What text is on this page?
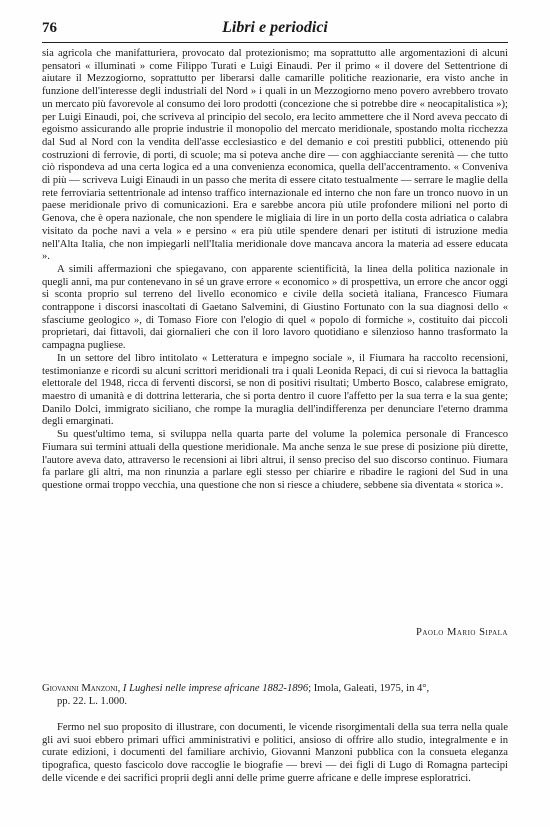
76	Libri e periodici

sia agricola che manifatturiera, provocato dal protezionismo; ma soprattutto alle argomentazioni di alcuni pensatori « illuminati » come Filippo Turati e Luigi Einaudi. Per il primo « il dovere del Settentrione di aiutare il Mezzogiorno, soprattutto per liberarsi dalle camarille politiche reazionarie, era visto anche in funzione dell'interesse degli industriali del Nord » i quali in un Mezzogiorno meno povero avrebbero trovato un mercato più favorevole al consumo dei loro prodotti (concezione che si potrebbe dire « neocapitalistica »); per Luigi Einaudi, poi, che scriveva al principio del secolo, era lecito ammettere che il Nord aveva peccato di egoismo assicurando alle proprie industrie il monopolio del mercato meridionale, spostando molta ricchezza dal Sud al Nord con la vendita dell'asse ecclesiastico e del demanio e coi prestiti pubblici, ottenendo più costruzioni di ferrovie, di porti, di scuole; ma si poteva anche dire — con agghiacciante serenità — che tutto ciò rispondeva ad una certa logica ed a una convenienza economica, quella dell'accentramento. « Conveniva di più — scriveva Luigi Einaudi in un passo che merita di essere citato testualmente — serrare le maglie della rete ferroviaria settentrionale ad intenso traffico internazionale ed interno che non fare un tronco nuovo in un paese meridionale privo di comunicazioni. Era e sarebbe ancora più utile profondere milioni nel porto di Genova, che è opera nazionale, che non spendere le migliaia di lire in un porto della costa adriatica o calabra visitato da poche navi a vela » e persino « era più utile spendere denari per istituti di istruzione media nell'Alta Italia, che non impiegarli nell'Italia meridionale dove mancava ancora la materia ad essere educata ».

A simili affermazioni che spiegavano, con apparente scientificità, la linea della politica nazionale in quegli anni, ma pur contenevano in sé un grave errore « economico » di prospettiva, un errore che ancor oggi si sconta proprio sul terreno del livello economico e civile della società italiana, Francesco Fiumara contrappone i discorsi inascoltati di Gaetano Salvemini, di Giustino Fortunato con la sua diagnosi dello « sfasciume geologico », di Tomaso Fiore con l'elogio di quel « popolo di formiche », costituito dai piccoli proprietari, dai fittavoli, dai giornalieri che con il loro lavoro quotidiano e silenzioso hanno trasformato la campagna pugliese.

In un settore del libro intitolato « Letteratura e impegno sociale », il Fiumara ha raccolto recensioni, testimonianze e ricordi su alcuni scrittori meridionali tra i quali Leonida Repaci, di cui si rievoca la battaglia elettorale del 1948, ricca di ferventi discorsi, se non di positivi risultati; Umberto Bosco, calabrese emigrato, maestro di umanità e di dottrina letteraria, che si porta dentro il cuore l'affetto per la sua terra e la sua gente; Danilo Dolci, immigrato siciliano, che rompe la muraglia dell'indifferenza per denunciare l'eterno dramma degli emarginati.

Su quest'ultimo tema, si sviluppa nella quarta parte del volume la polemica personale di Francesco Fiumara sui termini attuali della questione meridionale. Ma anche senza le sue prese di posizione più dirette, l'autore aveva dato, attraverso le recensioni ai libri altrui, il senso preciso del suo discorso continuo. Fiumara fa parlare gli altri, ma non rinunzia a parlare egli stesso per chiarire e ribadire le ragioni del Sud in una questione ormai troppo vecchia, una questione che non si riesce a chiudere, sebbene sia diventata « storica ».

Paolo Mario Sipala
Giovanni Manzoni, I Lughesi nelle imprese africane 1882-1896; Imola, Galeati, 1975, in 4°,
pp. 22. L. 1.000.

Fermo nel suo proposito di illustrare, con documenti, le vicende risorgimentali della sua terra nella quale gli avi suoi ebbero primari uffici amministrativi e politici, ansioso di offrire allo studio, integralmente e in curate edizioni, i documenti del familiare archivio, Giovanni Manzoni pubblica con la consueta eleganza tipografica, questo fascicolo dove raccoglie le biografie — brevi — dei figli di Lugo di Romagna partecipi delle vicende e dei sacrifici proprii degli anni delle prime guerre africane e delle imprese esploratrici.
